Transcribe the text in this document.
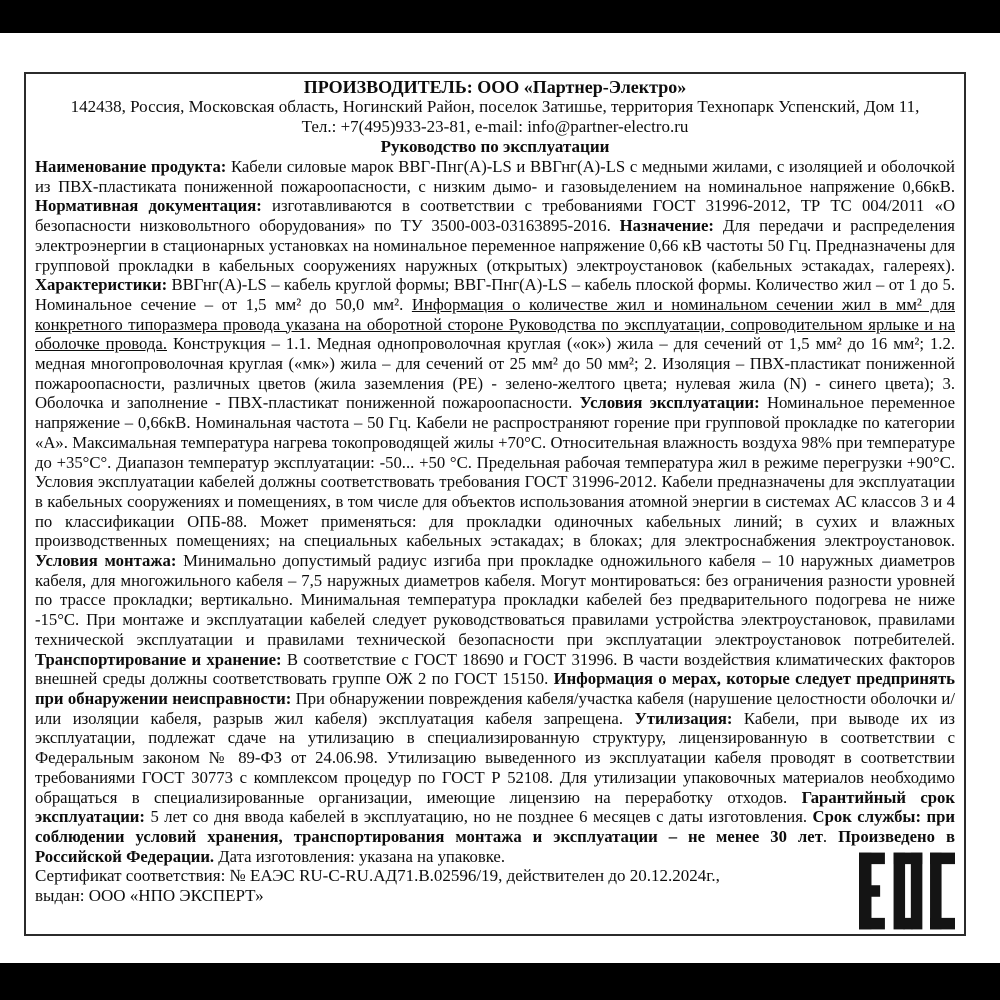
ПРОИЗВОДИТЕЛЬ: ООО «Партнер-Электро»
142438, Россия, Московская область, Ногинский Район, поселок Затишье, территория Технопарк Успенский, Дом 11,
Тел.: +7(495)933-23-81, e-mail: info@partner-electro.ru
Руководство по эксплуатации
Наименование продукта: Кабели силовые марок ВВГ-Пнг(А)-LS и ВВГнг(А)-LS с медными жилами, с изоляцией и оболочкой из ПВХ-пластиката пониженной пожароопасности, с низким дымо- и газовыделением на номинальное напряжение 0,66кВ. Нормативная документация: изготавливаются в соответствии с требованиями ГОСТ 31996-2012, ТР ТС 004/2011 «О безопасности низковольтного оборудования» по ТУ 3500-003-03163895-2016. Назначение: Для передачи и распределения электроэнергии в стационарных установках на номинальное переменное напряжение 0,66 кВ частоты 50 Гц. Предназначены для групповой прокладки в кабельных сооружениях наружных (открытых) электроустановок (кабельных эстакадах, галереях). Характеристики: ВВГнг(А)-LS – кабель круглой формы; ВВГ-Пнг(А)-LS – кабель плоской формы. Количество жил – от 1 до 5. Номинальное сечение – от 1,5 мм² до 50,0 мм². Информация о количестве жил и номинальном сечении жил в мм² для конкретного типоразмера провода указана на оборотной стороне Руководства по эксплуатации, сопроводительном ярлыке и на оболочке провода. Конструкция – 1.1. Медная однопроволочная круглая («ок») жила – для сечений от 1,5 мм² до 16 мм²; 1.2. медная многопроволочная круглая («мк») жила – для сечений от 25 мм² до 50 мм²; 2. Изоляция – ПВХ-пластикат пониженной пожароопасности, различных цветов (жила заземления (PE) - зелено-желтого цвета; нулевая жила (N) - синего цвета); 3. Оболочка и заполнение - ПВХ-пластикат пониженной пожароопасности. Условия эксплуатации: Номинальное переменное напряжение – 0,66кВ. Номинальная частота – 50 Гц. Кабели не распространяют горение при групповой прокладке по категории «А». Максимальная температура нагрева токопроводящей жилы +70°С. Относительная влажность воздуха 98% при температуре до +35°С°. Диапазон температур эксплуатации: -50... +50 °С. Предельная рабочая температура жил в режиме перегрузки +90°С. Условия эксплуатации кабелей должны соответствовать требования ГОСТ 31996-2012. Кабели предназначены для эксплуатации в кабельных сооружениях и помещениях, в том числе для объектов использования атомной энергии в системах АС классов 3 и 4 по классификации ОПБ-88. Может применяться: для прокладки одиночных кабельных линий; в сухих и влажных производственных помещениях; на специальных кабельных эстакадах; в блоках; для электроснабжения электроустановок. Условия монтажа: Минимально допустимый радиус изгиба при прокладке одножильного кабеля – 10 наружных диаметров кабеля, для многожильного кабеля – 7,5 наружных диаметров кабеля. Могут монтироваться: без ограничения разности уровней по трассе прокладки; вертикально. Минимальная температура прокладки кабелей без предварительного подогрева не ниже -15°С. При монтаже и эксплуатации кабелей следует руководствоваться правилами устройства электроустановок, правилами технической эксплуатации и правилами технической безопасности при эксплуатации электроустановок потребителей. Транспортирование и хранение: В соответствие с ГОСТ 18690 и ГОСТ 31996. В части воздействия климатических факторов внешней среды должны соответствовать группе ОЖ 2 по ГОСТ 15150. Информация о мерах, которые следует предпринять при обнаружении неисправности: При обнаружении повреждения кабеля/участка кабеля (нарушение целостности оболочки и/или изоляции кабеля, разрыв жил кабеля) эксплуатация кабеля запрещена. Утилизация: Кабели, при выводе их из эксплуатации, подлежат сдаче на утилизацию в специализированную структуру, лицензированную в соответствии с Федеральным законом № 89-ФЗ от 24.06.98. Утилизацию выведенного из эксплуатации кабеля проводят в соответствии требованиями ГОСТ 30773 с комплексом процедур по ГОСТ Р 52108. Для утилизации упаковочных материалов необходимо обращаться в специализированные организации, имеющие лицензию на переработку отходов. Гарантийный срок эксплуатации: 5 лет со дня ввода кабелей в эксплуатацию, но не позднее 6 месяцев с даты изготовления. Срок службы: при соблюдении условий хранения, транспортирования монтажа и эксплуатации – не менее 30 лет. Произведено в Российской Федерации. Дата изготовления: указана на упаковке.
Сертификат соответствия: № ЕАЭС RU-C-RU.АД71.В.02596/19, действителен до 20.12.2024г.,
выдан: ООО «НПО ЭКСПЕРТ»
